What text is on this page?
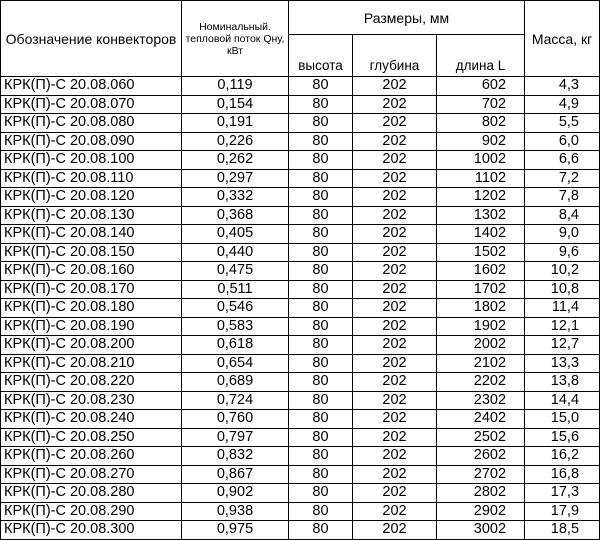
Обозначение конвекторов	Номинальный. тепловой поток Qну, кВт	Размеры, мм			Масса, кг
		высота	глубина	длина L	
КРК(П)-С 20.08.060	0,119	80	202	602	4,3
КРК(П)-С 20.08.070	0,154	80	202	702	4,9
КРК(П)-С 20.08.080	0,191	80	202	802	5,5
КРК(П)-С 20.08.090	0,226	80	202	902	6,0
КРК(П)-С 20.08.100	0,262	80	202	1002	6,6
КРК(П)-С 20.08.110	0,297	80	202	1102	7,2
КРК(П)-С 20.08.120	0,332	80	202	1202	7,8
КРК(П)-С 20.08.130	0,368	80	202	1302	8,4
КРК(П)-С 20.08.140	0,405	80	202	1402	9,0
КРК(П)-С 20.08.150	0,440	80	202	1502	9,6
КРК(П)-С 20.08.160	0,475	80	202	1602	10,2
КРК(П)-С 20.08.170	0,511	80	202	1702	10,8
КРК(П)-С 20.08.180	0,546	80	202	1802	11,4
КРК(П)-С 20.08.190	0,583	80	202	1902	12,1
КРК(П)-С 20.08.200	0,618	80	202	2002	12,7
КРК(П)-С 20.08.210	0,654	80	202	2102	13,3
КРК(П)-С 20.08.220	0,689	80	202	2202	13,8
КРК(П)-С 20.08.230	0,724	80	202	2302	14,4
КРК(П)-С 20.08.240	0,760	80	202	2402	15,0
КРК(П)-С 20.08.250	0,797	80	202	2502	15,6
КРК(П)-С 20.08.260	0,832	80	202	2602	16,2
КРК(П)-С 20.08.270	0,867	80	202	2702	16,8
КРК(П)-С 20.08.280	0,902	80	202	2802	17,3
КРК(П)-С 20.08.290	0,938	80	202	2902	17,9
КРК(П)-С 20.08.300	0,975	80	202	3002	18,5
